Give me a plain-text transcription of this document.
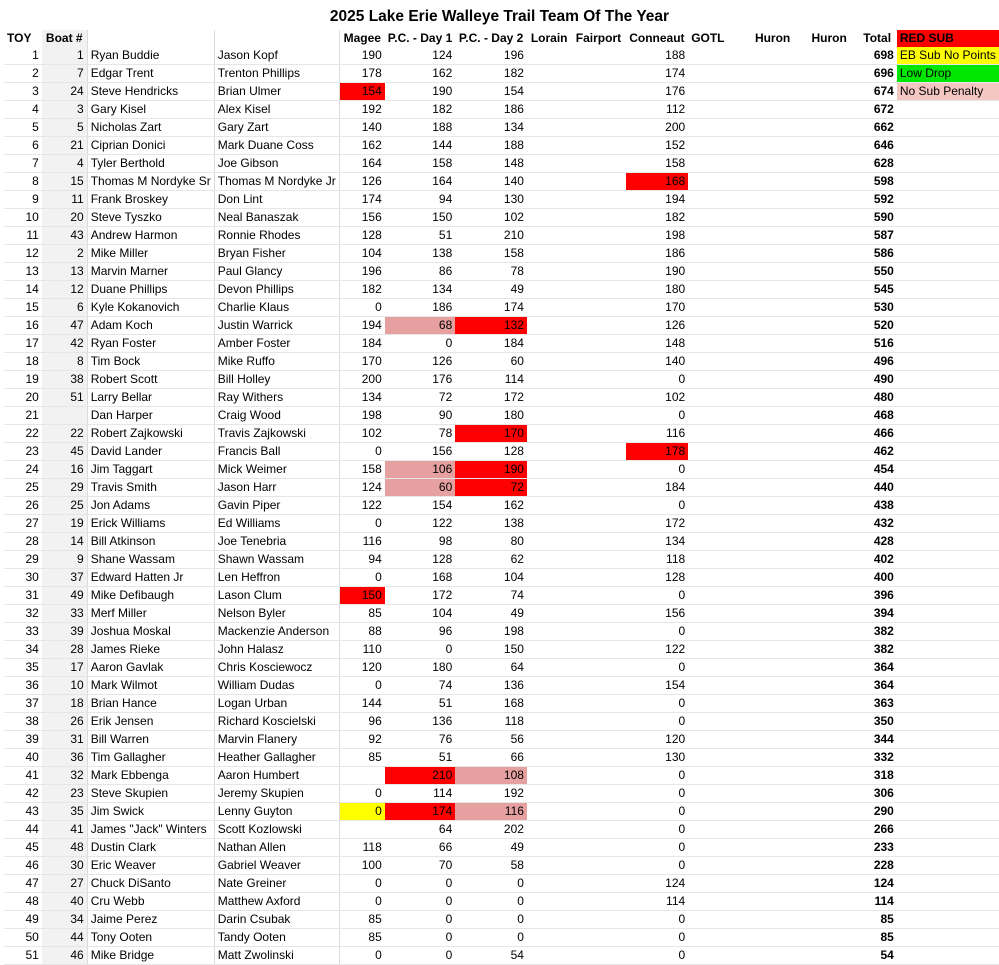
2025 Lake Erie Walleye Trail Team Of The Year
TOY	Boat #			Magee	P.C. - Day 1	P.C. - Day 2	Lorain	Fairport	Conneaut	GOTL	Huron	Huron	Total	RED SUB
1	1	Ryan Buddie	Jason Kopf	190	124	196			188				698	EB Sub No Points
2	7	Edgar Trent	Trenton Phillips	178	162	182			174				696	Low Drop
3	24	Steve Hendricks	Brian Ulmer	154	190	154			176				674	No Sub Penalty
4	3	Gary Kisel	Alex Kisel	192	182	186			112				672	
5	5	Nicholas Zart	Gary Zart	140	188	134			200				662	
6	21	Ciprian Donici	Mark Duane Coss	162	144	188			152				646	
7	4	Tyler Berthold	Joe Gibson	164	158	148			158				628	
8	15	Thomas M Nordyke Sr	Thomas M Nordyke Jr	126	164	140			168				598	
9	11	Frank Broskey	Don Lint	174	94	130			194				592	
10	20	Steve Tyszko	Neal Banaszak	156	150	102			182				590	
11	43	Andrew Harmon	Ronnie Rhodes	128	51	210			198				587	
12	2	Mike Miller	Bryan Fisher	104	138	158			186				586	
13	13	Marvin Marner	Paul Glancy	196	86	78			190				550	
14	12	Duane Phillips	Devon Phillips	182	134	49			180				545	
15	6	Kyle Kokanovich	Charlie Klaus	0	186	174			170				530	
16	47	Adam Koch	Justin Warrick	194	68	132			126				520	
17	42	Ryan Foster	Amber Foster	184	0	184			148				516	
18	8	Tim Bock	Mike Ruffo	170	126	60			140				496	
19	38	Robert Scott	Bill Holley	200	176	114			0				490	
20	51	Larry Bellar	Ray Withers	134	72	172			102				480	
21		Dan Harper	Craig Wood	198	90	180			0				468	
22	22	Robert Zajkowski	Travis Zajkowski	102	78	170			116				466	
23	45	David Lander	Francis Ball	0	156	128			178				462	
24	16	Jim Taggart	Mick Weimer	158	106	190			0				454	
25	29	Travis Smith	Jason Harr	124	60	72			184				440	
26	25	Jon Adams	Gavin Piper	122	154	162			0				438	
27	19	Erick Williams	Ed Williams	0	122	138			172				432	
28	14	Bill Atkinson	Joe Tenebria	116	98	80			134				428	
29	9	Shane Wassam	Shawn Wassam	94	128	62			118				402	
30	37	Edward Hatten Jr	Len Heffron	0	168	104			128				400	
31	49	Mike Defibaugh	Lason Clum	150	172	74			0				396	
32	33	Merf Miller	Nelson Byler	85	104	49			156				394	
33	39	Joshua Moskal	Mackenzie Anderson	88	96	198			0				382	
34	28	James Rieke	John Halasz	110	0	150			122				382	
35	17	Aaron Gavlak	Chris Kosciewocz	120	180	64			0				364	
36	10	Mark Wilmot	William Dudas	0	74	136			154				364	
37	18	Brian Hance	Logan Urban	144	51	168			0				363	
38	26	Erik Jensen	Richard Koscielski	96	136	118			0				350	
39	31	Bill Warren	Marvin Flanery	92	76	56			120				344	
40	36	Tim Gallagher	Heather Gallagher	85	51	66			130				332	
41	32	Mark Ebbenga	Aaron Humbert		210	108			0				318	
42	23	Steve Skupien	Jeremy Skupien	0	114	192			0				306	
43	35	Jim Swick	Lenny Guyton	0	174	116			0				290	
44	41	James "Jack" Winters	Scott Kozlowski		64	202			0				266	
45	48	Dustin Clark	Nathan Allen	118	66	49			0				233	
46	30	Eric Weaver	Gabriel Weaver	100	70	58			0				228	
47	27	Chuck DiSanto	Nate Greiner	0	0	0			124				124	
48	40	Cru Webb	Matthew Axford	0	0	0			114				114	
49	34	Jaime Perez	Darin Csubak	85	0	0			0				85	
50	44	Tony Ooten	Tandy Ooten	85	0	0			0				85	
51	46	Mike Bridge	Matt Zwolinski	0	0	54			0				54	
